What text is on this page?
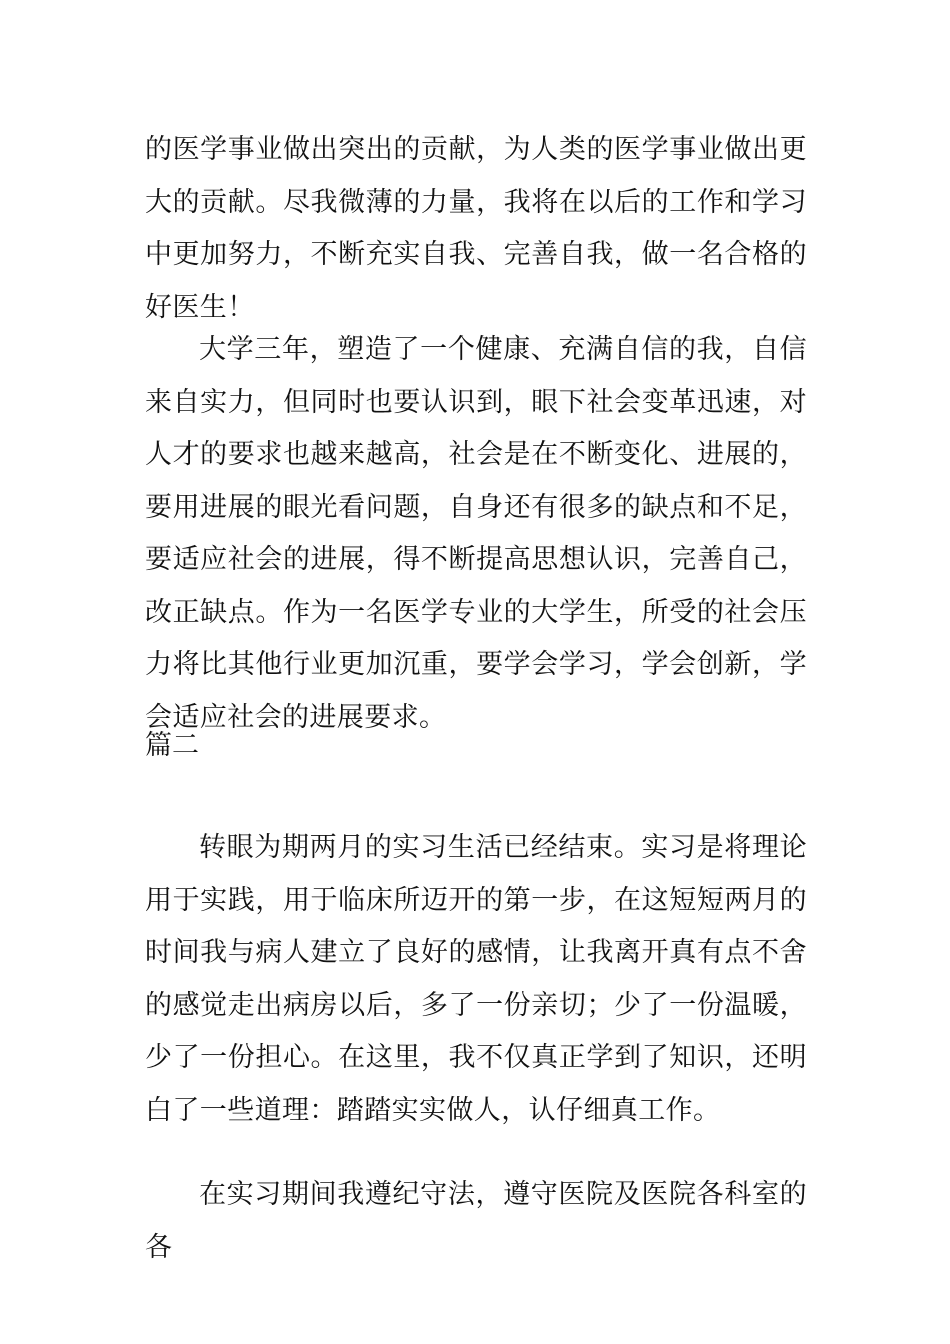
的医学事业做出突出的贡献，为人类的医学事业做出更大的贡献。尽我微薄的力量，我将在以后的工作和学习中更加努力，不断充实自我、完善自我，做一名合格的好医生！

大学三年，塑造了一个健康、充满自信的我，自信来自实力，但同时也要认识到，眼下社会变革迅速，对人才的要求也越来越高，社会是在不断变化、进展的，要用进展的眼光看问题，自身还有很多的缺点和不足，要适应社会的进展，得不断提高思想认识，完善自己，改正缺点。作为一名医学专业的大学生，所受的社会压力将比其他行业更加沉重，要学会学习，学会创新，学会适应社会的进展要求。

篇二

转眼为期两月的实习生活已经结束。实习是将理论用于实践，用于临床所迈开的第一步，在这短短两月的时间我与病人建立了良好的感情，让我离开真有点不舍的感觉走出病房以后，多了一份亲切；少了一份温暖，少了一份担心。在这里，我不仅真正学到了知识，还明白了一些道理：踏踏实实做人，认仔细真工作。

在实习期间我遵纪守法，遵守医院及医院各科室的各
